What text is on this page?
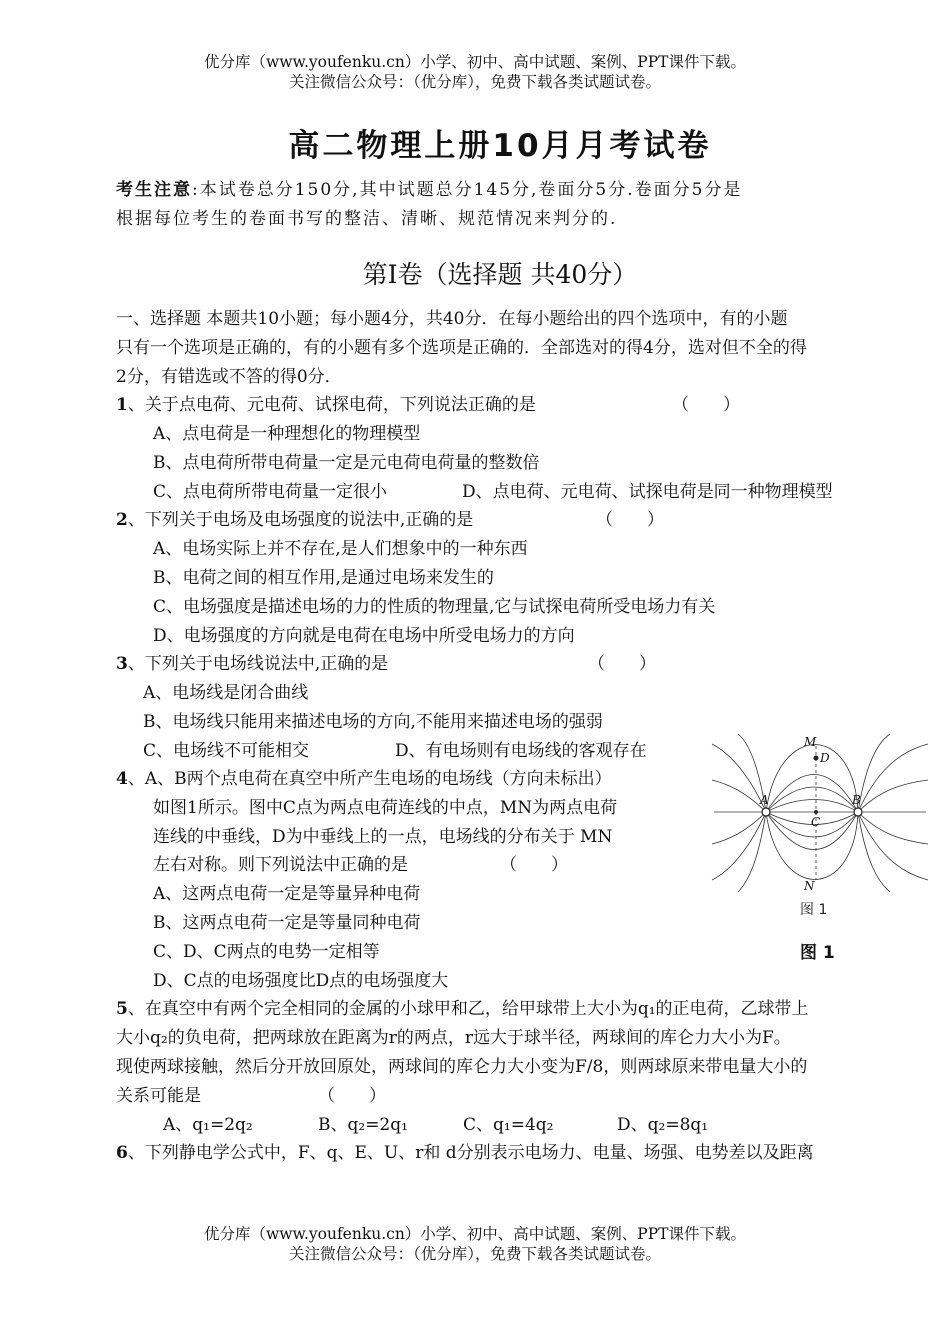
优分库（www.youfenku.cn）小学、初中、高中试题、案例、PPT课件下载。
关注微信公众号：（优分库），免费下载各类试题试卷。
高二物理上册10月月考试卷
考生注意:本试卷总分150分,其中试题总分145分,卷面分5分.卷面分5分是
根据每位考生的卷面书写的整洁、清晰、规范情况来判分的.
第Ⅰ卷（选择题 共40分）
一、选择题 本题共10小题；每小题4分，共40分．在每小题给出的四个选项中，有的小题
只有一个选项是正确的，有的小题有多个选项是正确的．全部选对的得4分，选对但不全的得
2分，有错选或不答的得0分．
1、关于点电荷、元电荷、试探电荷，下列说法正确的是	（　　）
A、点电荷是一种理想化的物理模型
B、点电荷所带电荷量一定是元电荷电荷量的整数倍
C、点电荷所带电荷量一定很小	D、点电荷、元电荷、试探电荷是同一种物理模型
2、下列关于电场及电场强度的说法中,正确的是	（　　）
A、电场实际上并不存在,是人们想象中的一种东西
B、电荷之间的相互作用,是通过电场来发生的
C、电场强度是描述电场的力的性质的物理量,它与试探电荷所受电场力有关
D、电场强度的方向就是电荷在电场中所受电场力的方向
3、下列关于电场线说法中,正确的是	（　　）
A、电场线是闭合曲线
B、电场线只能用来描述电场的方向,不能用来描述电场的强弱
C、电场线不可能相交	D、有电场则有电场线的客观存在
4、A、B两个点电荷在真空中所产生电场的电场线（方向未标出）
如图1所示。图中C点为两点电荷连线的中点，MN为两点电荷
连线的中垂线，D为中垂线上的一点，电场线的分布关于 MN
左右对称。则下列说法中正确的是	（　　）
A、这两点电荷一定是等量异种电荷
B、这两点电荷一定是等量同种电荷
C、D、C两点的电势一定相等
D、C点的电场强度比D点的电场强度大
M
D
A	B
C
N
图 1
图 1
5、在真空中有两个完全相同的金属的小球甲和乙，给甲球带上大小为q₁的正电荷，乙球带上
大小q₂的负电荷，把两球放在距离为r的两点，r远大于球半径，两球间的库仑力大小为F。
现使两球接触，然后分开放回原处，两球间的库仑力大小变为F/8，则两球原来带电量大小的
关系可能是	（　　）
A、q₁=2q₂	B、q₂=2q₁	C、q₁=4q₂	D、q₂=8q₁
6、下列静电学公式中，F、q、E、U、r和 d分别表示电场力、电量、场强、电势差以及距离
优分库（www.youfenku.cn）小学、初中、高中试题、案例、PPT课件下载。
关注微信公众号：（优分库），免费下载各类试题试卷。
